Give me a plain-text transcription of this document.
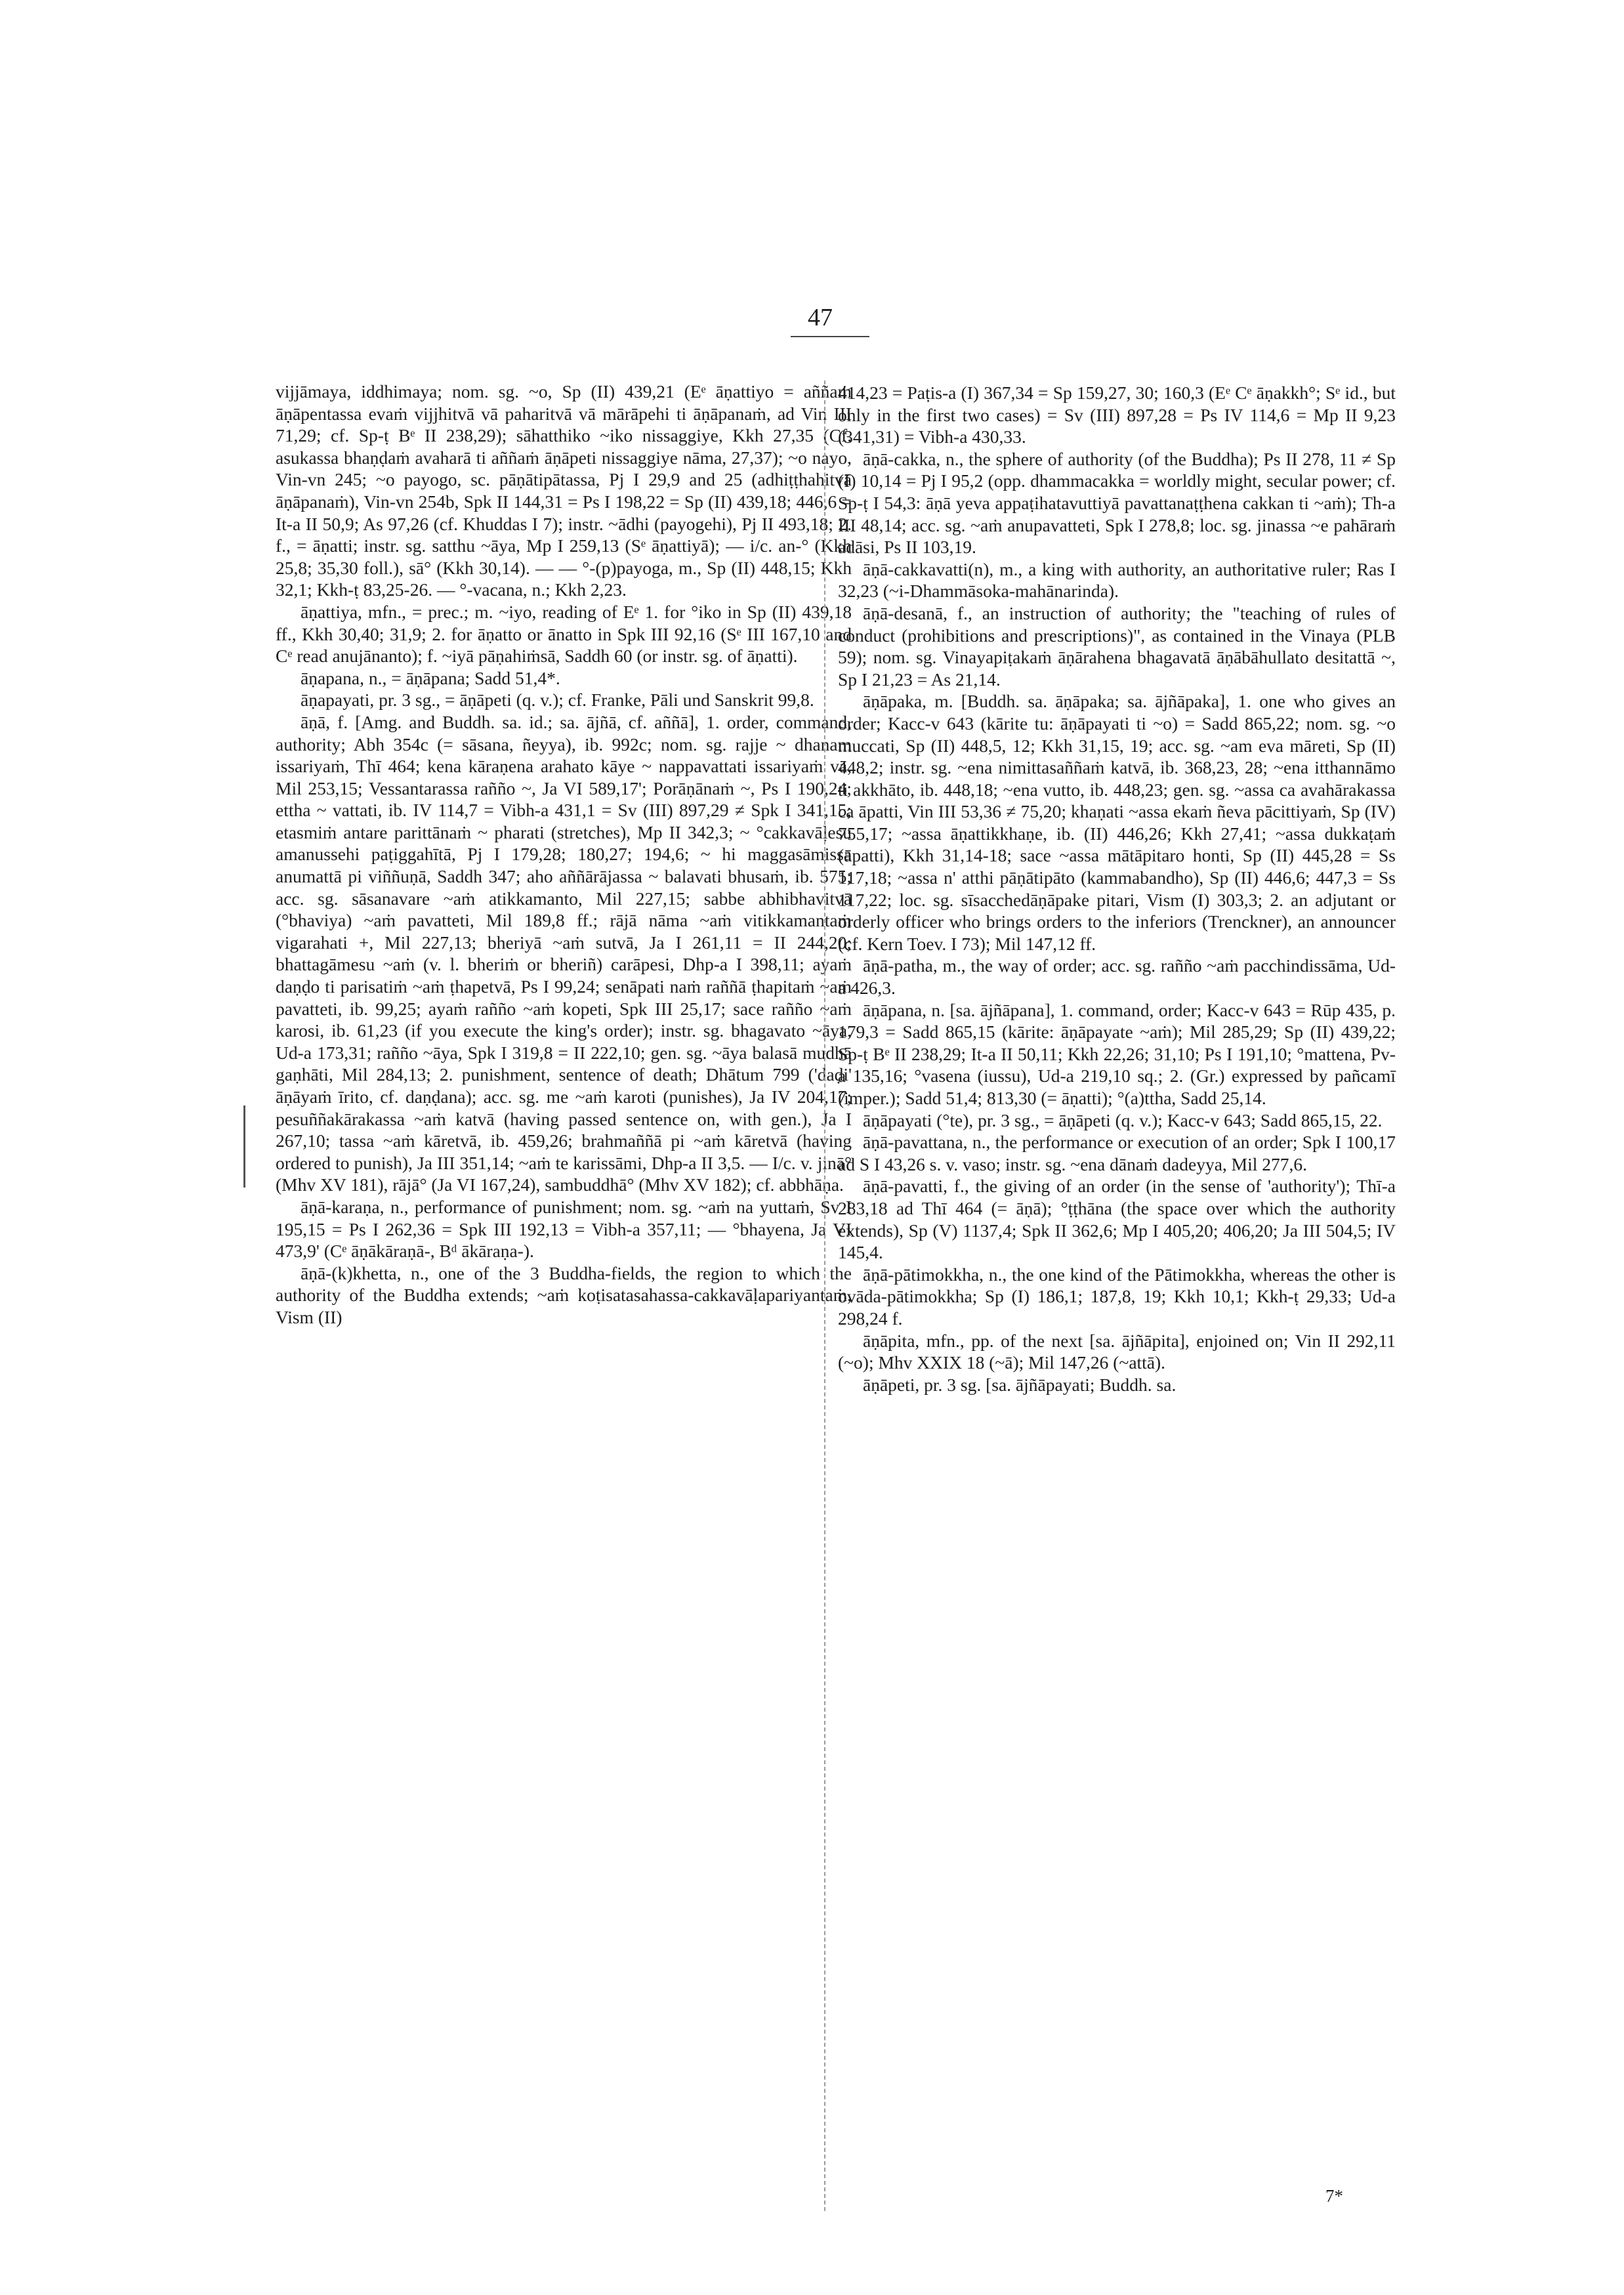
47

vijjāmaya, iddhimaya; nom. sg. ~o, Sp (II) 439,21 (Eᵉ āṇattiyo = aññaṁ āṇāpentassa evaṁ vijjhitvā vā paharitvā vā mārāpehi ti āṇāpanaṁ, ad Vin III 71,29; cf. Sp-ṭ Bᵉ II 238,29); sāhatthiko ~iko nissaggiye, Kkh 27,35 (Cf. asukassa bhaṇḍaṁ avaharā ti aññaṁ āṇāpeti nissaggiye nāma, 27,37); ~o nayo, Vin-vn 245; ~o payogo, sc. pāṇātipātassa, Pj I 29,9 and 25 (adhiṭṭhahitvā āṇāpanaṁ), Vin-vn 254b, Spk II 144,31 = Ps I 198,22 = Sp (II) 439,18; 446,6 = It-a II 50,9; As 97,26 (cf. Khuddas I 7); instr. ~ādhi (payogehi), Pj II 493,18; 2. f., = āṇatti; instr. sg. satthu ~āya, Mp I 259,13 (Sᵉ āṇattiyā); — i/c. an-° (Kkh 25,8; 35,30 foll.), sā° (Kkh 30,14). — — °-(p)payoga, m., Sp (II) 448,15; Kkh 32,1; Kkh-ṭ 83,25-26. — °-vacana, n.; Kkh 2,23.

āṇattiya, mfn., = prec.; m. ~iyo, reading of Eᵉ 1. for °iko in Sp (II) 439,18 ff., Kkh 30,40; 31,9; 2. for āṇatto or ānatto in Spk III 92,16 (Sᵉ III 167,10 and Cᵉ read anujānanto); f. ~iyā pāṇahiṁsā, Saddh 60 (or instr. sg. of āṇatti).

āṇapana, n., = āṇāpana; Sadd 51,4*.

āṇapayati, pr. 3 sg., = āṇāpeti (q. v.); cf. Franke, Pāli und Sanskrit 99,8.

āṇā, f. [Amg. and Buddh. sa. id.; sa. ājñā, cf. aññā], 1. order, command, authority; Abh 354c (= sāsana, ñeyya), ib. 992c; nom. sg. rajje ~ dhanam issariyaṁ, Thī 464; kena kāraṇena arahato kāye ~ nappavattati issariyaṁ vā, Mil 253,15; Vessantarassa rañño ~, Ja VI 589,17'; Porāṇānaṁ ~, Ps I 190,24; ettha ~ vattati, ib. IV 114,7 = Vibh-a 431,1 = Sv (III) 897,29 ≠ Spk I 341,15; etasmiṁ antare parittānaṁ ~ pharati (stretches), Mp II 342,3; ~ °cakkavāḷesu amanussehi paṭiggahītā, Pj I 179,28; 180,27; 194,6; ~ hi maggasāmissa anumattā pi viññuṇā, Saddh 347; aho aññārājassa ~ balavati bhusaṁ, ib. 575; acc. sg. sāsanavare ~aṁ atikkamanto, Mil 227,15; sabbe abhibhavitvā (°bhaviya) ~aṁ pavatteti, Mil 189,8 ff.; rājā nāma ~aṁ vitikkamantaṁ vigarahati +, Mil 227,13; bheriyā ~aṁ sutvā, Ja I 261,11 = II 244,20; bhattagāmesu ~aṁ (v. l. bheriṁ or bheriñ) carāpesi, Dhp-a I 398,11; ayaṁ daṇḍo ti parisatiṁ ~aṁ ṭhapetvā, Ps I 99,24; senāpati naṁ raññā ṭhapitaṁ ~aṁ pavatteti, ib. 99,25; ayaṁ rañño ~aṁ kopeti, Spk III 25,17; sace rañño ~aṁ karosi, ib. 61,23 (if you execute the king's order); instr. sg. bhagavato ~āya, Ud-a 173,31; rañño ~āya, Spk I 319,8 = II 222,10; gen. sg. ~āya balasā mudhā gaṇhāti, Mil 284,13; 2. punishment, sentence of death; Dhātum 799 ('daḍi' āṇāyaṁ īrito, cf. daṇḍana); acc. sg. me ~aṁ karoti (punishes), Ja IV 204,17; pesuññakārakassa ~aṁ katvā (having passed sentence on, with gen.), Ja I 267,10; tassa ~aṁ kāretvā, ib. 459,26; brahmaññā pi ~aṁ kāretvā (having ordered to punish), Ja III 351,14; ~aṁ te karissāmi, Dhp-a II 3,5. — I/c. v. jinā° (Mhv XV 181), rājā° (Ja VI 167,24), sambuddhā° (Mhv XV 182); cf. abbhāṇa.

āṇā-karaṇa, n., performance of punishment; nom. sg. ~aṁ na yuttaṁ, Sv I 195,15 = Ps I 262,36 = Spk III 192,13 = Vibh-a 357,11; — °bhayena, Ja VI 473,9' (Cᵉ āṇākāraṇā-, Bᵈ ākāraṇa-).

āṇā-(k)khetta, n., one of the 3 Buddha-fields, the region to which the authority of the Buddha extends; ~aṁ koṭisatasahassa-cakkavāḷapariyantaṁ, Vism (II)

414,23 = Paṭis-a (I) 367,34 = Sp 159,27, 30; 160,3 (Eᵉ Cᵉ āṇakkh°; Sᵉ id., but only in the first two cases) = Sv (III) 897,28 = Ps IV 114,6 = Mp II 9,23 (341,31) = Vibh-a 430,33.

āṇā-cakka, n., the sphere of authority (of the Buddha); Ps II 278, 11 ≠ Sp (I) 10,14 = Pj I 95,2 (opp. dhammacakka = worldly might, secular power; cf. Sp-ṭ I 54,3: āṇā yeva appaṭihatavuttiyā pavattanaṭṭhena cakkan ti ~aṁ); Th-a III 48,14; acc. sg. ~aṁ anupavatteti, Spk I 278,8; loc. sg. jinassa ~e pahāraṁ adāsi, Ps II 103,19.

āṇā-cakkavatti(n), m., a king with authority, an authoritative ruler; Ras I 32,23 (~i-Dhammāsoka-mahānarinda).

āṇā-desanā, f., an instruction of authority; the "teaching of rules of conduct (prohibitions and prescriptions)", as contained in the Vinaya (PLB 59); nom. sg. Vinayapiṭakaṁ āṇārahena bhagavatā āṇābāhullato desitattā ~, Sp I 21,23 = As 21,14.

āṇāpaka, m. [Buddh. sa. āṇāpaka; sa. ājñāpaka], 1. one who gives an order; Kacc-v 643 (kārite tu: āṇāpayati ti ~o) = Sadd 865,22; nom. sg. ~o muccati, Sp (II) 448,5, 12; Kkh 31,15, 19; acc. sg. ~am eva māreti, Sp (II) 448,2; instr. sg. ~ena nimittasaññaṁ katvā, ib. 368,23, 28; ~ena itthannāmo ti akkhāto, ib. 448,18; ~ena vutto, ib. 448,23; gen. sg. ~assa ca avahārakassa ca āpatti, Vin III 53,36 ≠ 75,20; khaṇati ~assa ekaṁ ñeva pācittiyaṁ, Sp (IV) 755,17; ~assa āṇattikkhaṇe, ib. (II) 446,26; Kkh 27,41; ~assa dukkaṭaṁ (āpatti), Kkh 31,14-18; sace ~assa mātāpitaro honti, Sp (II) 445,28 = Ss 117,18; ~assa n' atthi pāṇātipāto (kammabandho), Sp (II) 446,6; 447,3 = Ss 117,22; loc. sg. sīsacchedāṇāpake pitari, Vism (I) 303,3; 2. an adjutant or orderly officer who brings orders to the inferiors (Trenckner), an announcer (cf. Kern Toev. I 73); Mil 147,12 ff.

āṇā-patha, m., the way of order; acc. sg. rañño ~aṁ pacchindissāma, Ud-a 426,3.

āṇāpana, n. [sa. ājñāpana], 1. command, order; Kacc-v 643 = Rūp 435, p. 179,3 = Sadd 865,15 (kārite: āṇāpayate ~aṁ); Mil 285,29; Sp (II) 439,22; Sp-ṭ Bᵉ II 238,29; It-a II 50,11; Kkh 22,26; 31,10; Ps I 191,10; °mattena, Pv-a 135,16; °vasena (iussu), Ud-a 219,10 sq.; 2. (Gr.) expressed by pañcamī (imper.); Sadd 51,4; 813,30 (= āṇatti); °(a)ttha, Sadd 25,14.

āṇāpayati (°te), pr. 3 sg., = āṇāpeti (q. v.); Kacc-v 643; Sadd 865,15, 22.

āṇā-pavattana, n., the performance or execution of an order; Spk I 100,17 ad S I 43,26 s. v. vaso; instr. sg. ~ena dānaṁ dadeyya, Mil 277,6.

āṇā-pavatti, f., the giving of an order (in the sense of 'authority'); Thī-a 283,18 ad Thī 464 (= āṇā); °ṭṭhāna (the space over which the authority extends), Sp (V) 1137,4; Spk II 362,6; Mp I 405,20; 406,20; Ja III 504,5; IV 145,4.

āṇā-pātimokkha, n., the one kind of the Pātimokkha, whereas the other is ovāda-pātimokkha; Sp (I) 186,1; 187,8, 19; Kkh 10,1; Kkh-ṭ 29,33; Ud-a 298,24 f.

āṇāpita, mfn., pp. of the next [sa. ājñāpita], enjoined on; Vin II 292,11 (~o); Mhv XXIX 18 (~ā); Mil 147,26 (~attā).

āṇāpeti, pr. 3 sg. [sa. ājñāpayati; Buddh. sa.

7*
